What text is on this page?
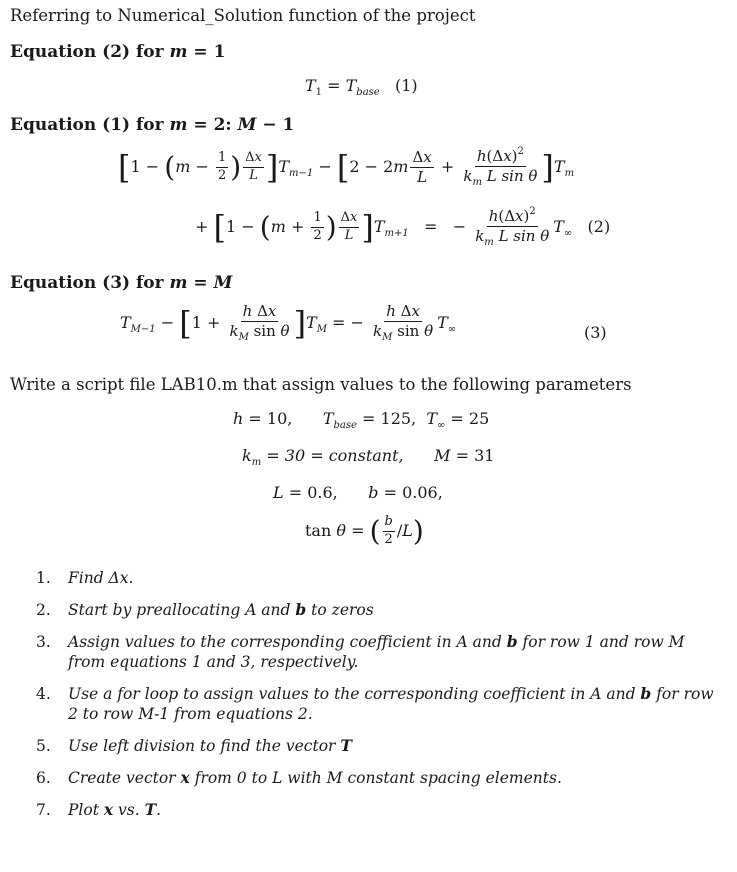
Referring to Numerical_Solution function of the project
Equation (2) for m = 1
$T_1 = T_{base}$ (1)
Equation (1) for m = 2: M − 1
[$1 - (m - \frac{1}{2}$ ) $\frac{\Delta x}{L} ]T_{m-1} - [2 - 2m \frac{\Delta x}{L} + \frac{h(\Delta x)^2}{k_m L \sin \theta} ]T_m$
+ [$1 - (m + \frac{1}{2}$ ) $\frac{\Delta x}{L} ]T_{m+1}$   =   − $\frac{h(\Delta x)^2}{k_m L \sin \theta} T_\infty$ (2)
Equation (3) for m = M
$T_{M-1} - [1 + \frac{\text{h Δx}}{k_M \sin \theta} ]T_M$ = − $\frac{\text{h Δx}}{k_M \sin \theta} T_\infty$	(3)
Write a script file LAB10.m that assign values to the following parameters
h = 10, $T_{base} = 125$, $T_\infty = 25$
$k_m = 30$ = constant, M = 31
L = 0.6, b = 0.06,
tan θ = ( $\frac{b}{2} /L$)
1. Find Δx.
2. Start by preallocating A and b to zeros
3. Assign values to the corresponding coefficient in A and b for row 1 and row M from equations 1 and 3, respectively.
4. Use a for loop to assign values to the corresponding coefficient in A and b for row 2 to row M-1 from equations 2.
5. Use left division to find the vector T
6. Create vector x from 0 to L with M constant spacing elements.
7. Plot x vs. T.
